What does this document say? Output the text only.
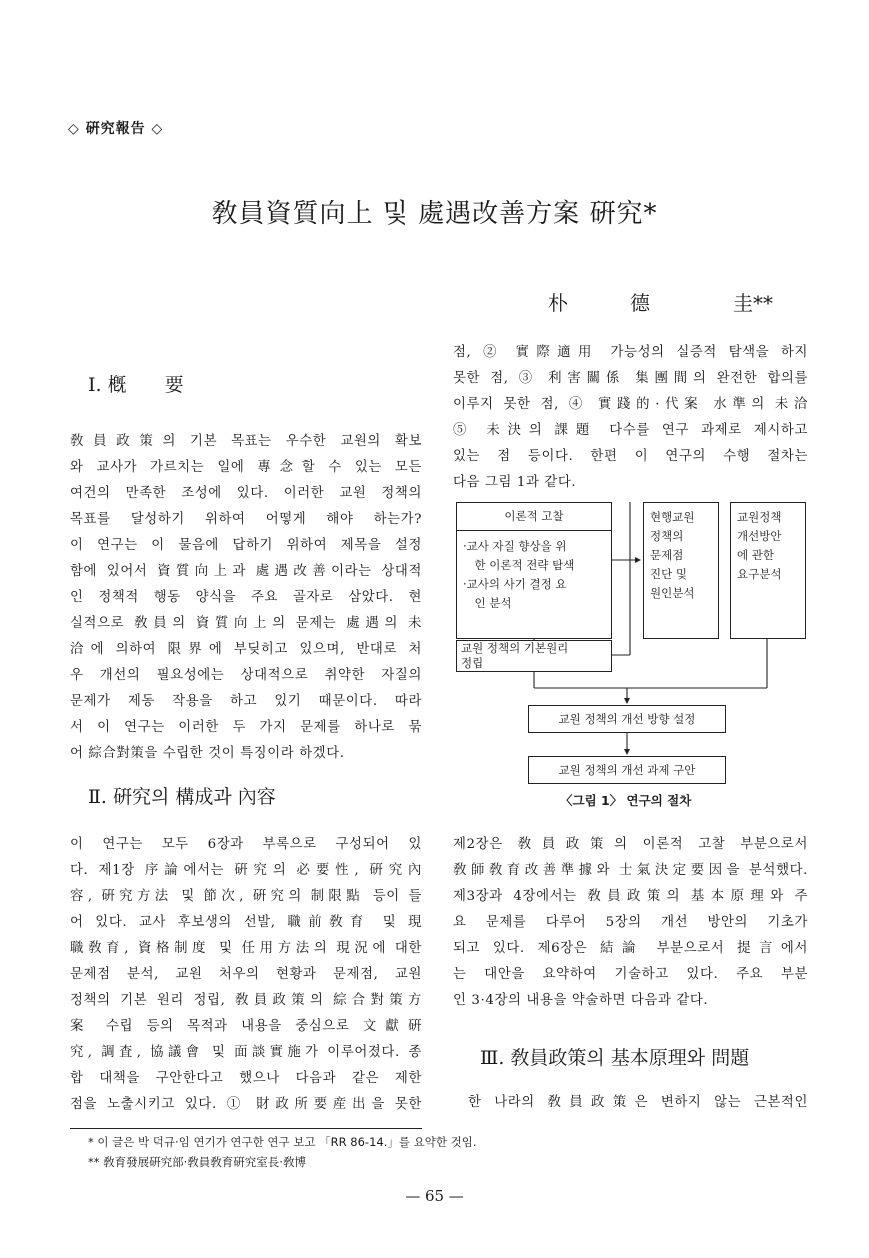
◇ 硏究報告 ◇
敎員資質向上 및 處遇改善方案 硏究*
朴	德	圭**
Ⅰ. 槪　　要
敎員政策의 기본 목표는 우수한 교원의 확보
와 교사가 가르치는 일에 專念할 수 있는 모든
여건의 만족한 조성에 있다. 이러한 교원 정책의
목표를 달성하기 위하여 어떻게 해야 하는가?
이 연구는 이 물음에 답하기 위하여 제목을 설정
함에 있어서 資質向上과 處遇改善이라는 상대적
인 정책적 행동 양식을 주요 골자로 삼았다. 현
실적으로 敎員의 資質向上의 문제는 處遇의 未
洽에 의하여 限界에 부딪히고 있으며, 반대로 처
우 개선의 필요성에는 상대적으로 취약한 자질의
문제가 제동 작용을 하고 있기 때문이다. 따라
서 이 연구는 이러한 두 가지 문제를 하나로 묶
어 綜合對策을 수립한 것이 특징이라 하겠다.
Ⅱ. 硏究의 構成과 內容
이 연구는 모두 6장과 부록으로 구성되어 있
다. 제1장 序論에서는 硏究의 必要性, 硏究內
容, 硏究方法 및 節次, 硏究의 制限點 등이 들
어 있다. 교사 후보생의 선발, 職前敎育 및 現
職敎育, 資格制度 및 任用方法의 現況에 대한
문제점 분석, 교원 처우의 현황과 문제점, 교원
정책의 기본 원리 정립, 敎員政策의 綜合對策方
案 수립 등의 목적과 내용을 중심으로 文獻硏
究, 調査, 協議會 및 面談實施가 이루어졌다. 종
합 대책을 구안한다고 했으나 다음과 같은 제한
점을 노출시키고 있다. ① 財政所要産出을 못한
점, ② 實際適用 가능성의 실증적 탐색을 하지
못한 점, ③ 利害關係 集團間의 완전한 합의를
이루지 못한 점, ④ 實踐的·代案 水準의 未洽
⑤ 未決의 課題 다수를 연구 과제로 제시하고
있는 점 등이다. 한편 이 연구의 수행 절차는
다음 그림 1과 같다.
이론적 고찰
·교사 자질 향상을 위
　한 이론적 전략 탐색
·교사의 사기 결정 요
　인 분석
현행교원
정책의
문제점
진단 및
원인분석
교원정책
개선방안
에 관한
요구분석
교원 정책의 기본원리
정립
교원 정책의 개선 방향 설정
교원 정책의 개선 과제 구안
〈그림 1〉 연구의 절차
제2장은 敎員政策의 이론적 고찰 부분으로서
敎師敎育改善準據와 士氣決定要因을 분석했다.
제3장과 4장에서는 敎員政策의 基本原理와 주
요 문제를 다루어 5장의 개선 방안의 기초가
되고 있다. 제6장은 結論 부분으로서 提言에서
는 대안을 요약하여 기술하고 있다. 주요 부분
인 3·4장의 내용을 약술하면 다음과 같다.
Ⅲ. 敎員政策의 基本原理와 問題
한 나라의 敎員政策은 변하지 않는 근본적인
* 이 글은 박 덕규·임 연기가 연구한 연구 보고 「RR 86-14.」를 요약한 것임.
** 敎育發展硏究部·敎員敎育硏究室長·敎博
— 65 —
